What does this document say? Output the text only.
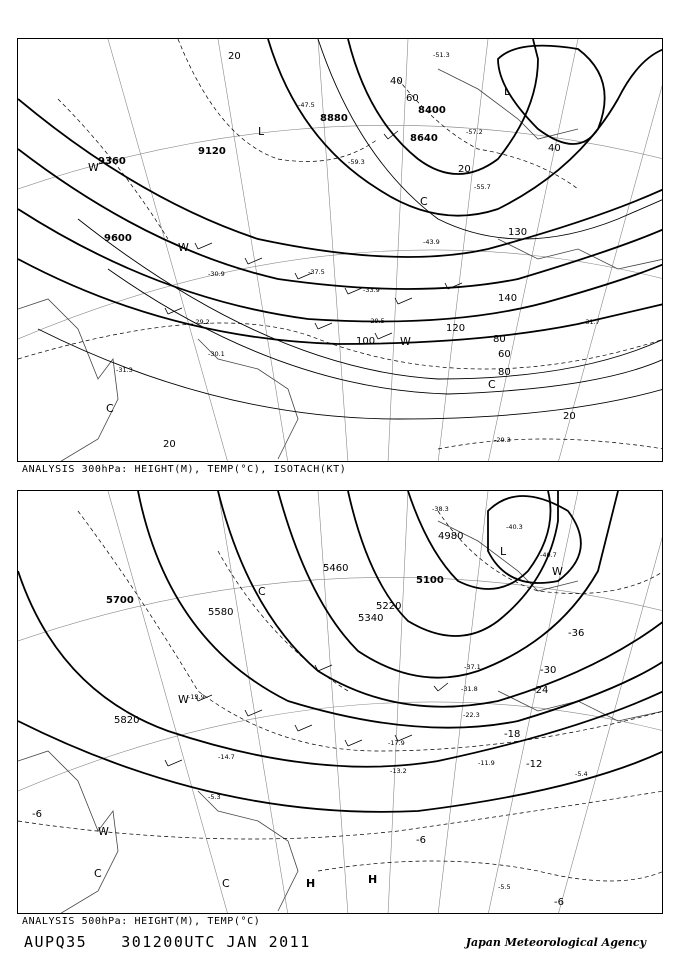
9360
9120
8880
8640
8400
9600
20
40
60
80
100
120
140
130
20
40
60
80
20
20
L
L
C
C
W
W
C
W
-51.3
-55.7
-59.3
-57.2
-47.5
-43.9
-37.5
-33.9
-30.9
-29.5
-29.2
-30.1
-31.3
-31.7
-29.3
ANALYSIS 300hPa: HEIGHT(M), TEMP(°C), ISOTACH(KT)
5700
5580
5460
5340
5220
5100
4980
5820
-36
-30
-24
-18
-12
-6
-6
-6
C
L
W
W
C
C	H	H
W
-38.3
-40.3
-40.7
-37.1
-31.8
-22.3
-17.9
-13.2
-14.7
-11.9
-13.9
-5.5
-5.4
-5.3
ANALYSIS 500hPa: HEIGHT(M), TEMP(°C)
AUPQ35 301200UTC JAN 2011	Japan Meteorological Agency
